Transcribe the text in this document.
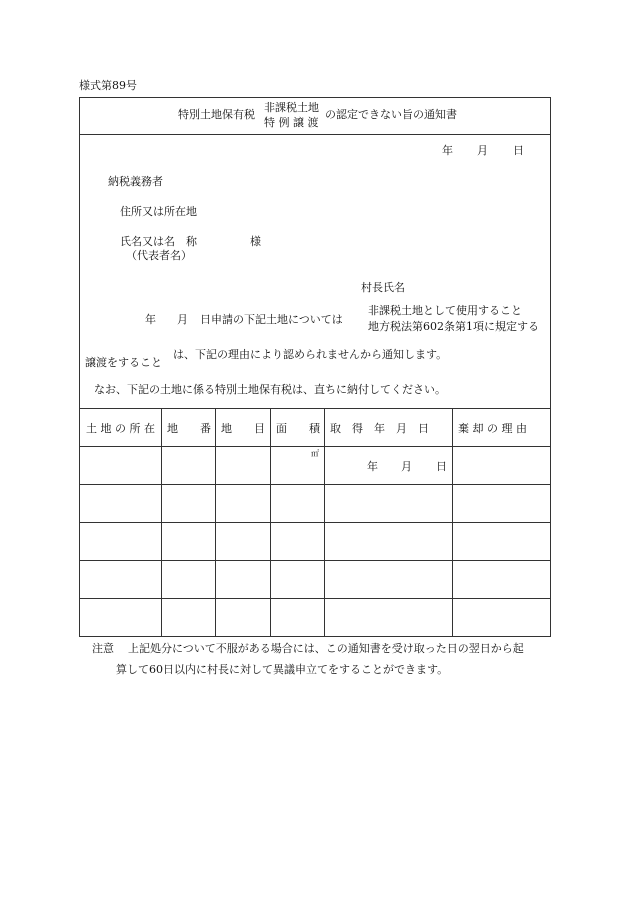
様式第89号
特別土地保有税
非課税土地
特 例 譲 渡
の認定できない旨の通知書
年 月 日
納税義務者
住所又は所在地
氏名又は名　称	様
（代表者名）
村長氏名
年 月 日申請の下記土地については
非課税土地として使用すること
地方税法第602条第1項に規定する
譲渡をすること
は、下記の理由により認められませんから通知します。
なお、下記の土地に係る特別土地保有税は、直ちに納付してください。
土 地 の 所 在 地　　番 地　　目 面　　積 取　得　年　月　日	棄 却 の 理 由
㎡
年 月 日
注意 上記処分について不服がある場合には、この通知書を受け取った日の翌日から起
算して60日以内に村長に対して異議申立てをすることができます。
